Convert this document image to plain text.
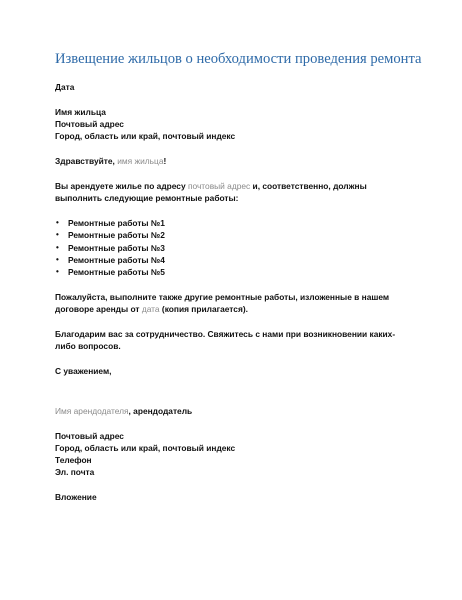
Извещение жильцов о необходимости проведения ремонта
Дата
Имя жильца
Почтовый адрес
Город, область или край, почтовый индекс
Здравствуйте, имя жильца!
Вы арендуете жилье по адресу почтовый адрес и, соответственно, должны выполнить следующие ремонтные работы:
• Ремонтные работы №1
• Ремонтные работы №2
• Ремонтные работы №3
• Ремонтные работы №4
• Ремонтные работы №5
Пожалуйста, выполните также другие ремонтные работы, изложенные в нашем договоре аренды от дата (копия прилагается).
Благодарим вас за сотрудничество. Свяжитесь с нами при возникновении каких-либо вопросов.
С уважением,
Имя арендодателя, арендодатель
Почтовый адрес
Город, область или край, почтовый индекс
Телефон
Эл. почта
Вложение
